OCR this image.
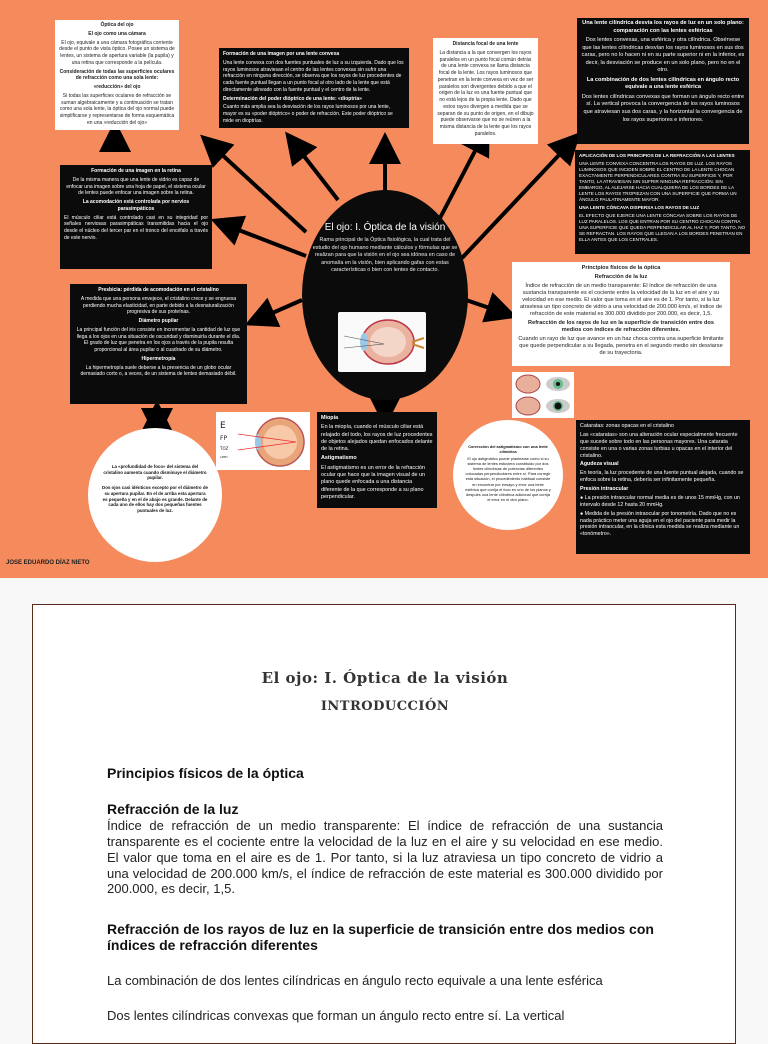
Óptica del ojo

El ojo como una cámara

El ojo, equivale a una cámara fotográfica corriente desde el punto de vista óptico. Posee un sistema de lentes, un sistema de apertura variable (la pupila) y una retina que corresponde a la película.

Consideración de todas las superficies oculares de refracción como una sola lente:

«reducción» del ojo

Si todas las superficies oculares de refracción se suman algebraicamente y a continuación se tratan como una sola lente, la óptica del ojo normal puede simplificarse y representarse de forma esquemática en una «reducción del ojo»

Formación de una imagen por una lente convexa

Una lente convexa con dos fuentes puntuales de luz a su izquierda. Dado que los rayos luminosos atraviesan el centro de las lentes convexas sin sufrir una refracción en ninguna dirección, se observa que los rayos de luz procedentes de cada fuente puntual llegan a un punto focal al otro lado de la lente que está directamente alineado con la fuente puntual y el centro de la lente.

Determinación del poder dióptrico de una lente: «dioptría»

Cuanto más amplia sea la desviación de los rayos luminosos por una lente, mayor es su «poder dióptrico» o poder de refracción. Este poder dióptrico se mide en dioptrías.

Distancia focal de una lente

La distancia a la que convergen los rayos paralelos en un punto focal común detrás de una lente convexa se llama distancia focal de la lente. Los rayos luminosos que penetran en la lente convexa en vez de ser paralelos son divergentes debido a que el origen de la luz es una fuente puntual que no está lejos de la propia lente. Dado que estos rayos divergen a medida que se separan de su punto de origen, en el dibujo puede observarse que no se reúnen a la misma distancia de la lente que los rayos paralelos.

Una lente cilíndrica desvía los rayos de luz en un solo plano: comparación con las lentes esféricas

Dos lentes convexas, una esférica y otra cilíndrica. Obsérvese que las lentes cilíndricas desvían los rayos luminosos en sus dos caras, pero no lo hacen ni en su parte superior ni en la inferior, es decir, la desviación se produce en un solo plano, pero no en el otro.

La combinación de dos lentes cilíndricas en ángulo recto equivale a una lente esférica

Dos lentes cilíndricas convexas que forman un ángulo recto entre sí. La vertical provoca la convergencia de los rayos luminosos que atraviesan sus dos caras, y la horizontal la convergencia de los rayos superiores e inferiores.

APLICACIÓN DE LOS PRINCIPIOS DE LA REFRACCIÓN A LAS LENTES

UNA LENTE CONVEXA CONCENTRA LOS RAYOS DE LUZ. LOS RAYOS LUMINOSOS QUE INCIDEN SOBRE EL CENTRO DE LA LENTE CHOCAN EXACTAMENTE PERPENDICULARES CONTRA SU SUPERFICIE Y, POR TANTO, LA ATRAVIESAN SIN SUFRIR NINGUNA REFRACCIÓN. SIN EMBARGO, AL ALEJARSE HACIA CUALQUIERA DE LOS BORDES DE LA LENTE LOS RAYOS TROPIEZAN CON UNA SUPERFICIE QUE FORMA UN ÁNGULO PAULATINAMENTE MAYOR.

UNA LENTE CÓNCAVA DISPERSA LOS RAYOS DE LUZ

EL EFECTO QUE EJERCE UNA LENTE CÓNCAVA SOBRE LOS RAYOS DE LUZ PARALELOS. LOS QUE ENTRAN POR SU CENTRO CHOCAN CONTRA UNA SUPERFICIE QUE QUEDA PERPENDICULAR AL HAZ Y, POR TANTO, NO SE REFRACTAN. LOS RAYOS QUE LLEGAN A LOS BORDES PENETRAN EN ELLA ANTES QUE LOS CENTRALES.

Formación de una imagen en la retina

De la misma manera que una lente de vidrio es capaz de enfocar una imagen sobre una hoja de papel, el sistema ocular de lentes puede enfocar una imagen sobre la retina.

La acomodación está controlada por nervios parasimpáticos

El músculo ciliar está controlado casi en su integridad por señales nerviosas parasimpáticas transmitidas hacia el ojo desde el núcleo del tercer par en el tronco del encéfalo a través de este nervio.

El ojo: I. Óptica de la visión
Rama principal de la Óptica fisiológica, la cual trata del estudio del ojo humano mediante cálculos y fórmulas que se realizan para que la visión en el ojo sea idónea en caso de anomalía en la visión, bien aplicando gafas con estas características o bien con lentes de contacto.	Principios físicos de la óptica

Refracción de la luz

Índice de refracción de un medio transparente: El índice de refracción de una sustancia transparente es el cociente entre la velocidad de la luz en el aire y su velocidad en ese medio. El valor que toma en el aire es de 1. Por tanto, si la luz atraviesa un tipo concreto de vidrio a una velocidad de 200.000 km/s, el índice de refracción de este material es 300.000 dividido por 200.000, es decir, 1,5.

Refracción de los rayos de luz en la superficie de transición entre dos medios con índices de refracción diferentes.

Cuando un rayo de luz que avance en un haz choca contra una superficie limitante que quede perpendicular a su llegada, penetra en el segundo medio sin desviarse de su trayectoria.

Presbicia: pérdida de acomodación en el cristalino

A medida que una persona envejece, el cristalino crece y se engruesa perdiendo mucha elasticidad, en parte debido a la desnaturalización progresiva de sus proteínas.

Diámetro pupilar

La principal función del iris consiste en incrementar la cantidad de luz que llega a los ojos en una situación de oscuridad y disminuirla durante el día. El grado de luz que penetra en los ojos a través de la pupila resulta proporcional al área pupilar o al cuadrado de su diámetro.

Hipermetropía

La hipermetropía suele deberse a la presencia de un globo ocular demasiado corto o, a veces, de un sistema de lentes demasiado débil.

E
FP
TOZ
LPED

Miopía

En la miopía, cuando el músculo ciliar está relajado del todo, los rayos de luz procedentes de objetos alejados quedan enfocados delante de la retina.

Astigmatismo

El astigmatismo es un error de la refracción ocular que hace que la imagen visual de un plano quede enfocada a una distancia diferente de la que corresponde a su plano perpendicular.

La «profundidad de foco» del sistema del cristalino aumenta cuando disminuye el diámetro pupilar.

Dos ojos casi idénticos excepto por el diámetro de su apertura pupilar. En el de arriba esta apertura es pequeña y en el de abajo es grande. Delante de cada uno de ellos hay dos pequeñas fuentes puntuales de luz.

Corrección del astigmatismo con una lente cilíndrica

El ojo astigmático puede plantearse como si su sistema de lentes estuviera constituido por dos lentes cilíndricas de potencias diferentes colocadas perpendiculares entre sí. Para corregir esta situación, el procedimiento habitual consiste en encontrar por ensayo y error una lente esférica que corrija el foco en uno de los planos y después una lente cilíndrica adicional que corrija el error en el otro plano.

Cataratas: zonas opacas en el cristalino

Las «cataratas» son una alteración ocular especialmente frecuente que sucede sobre todo en las personas mayores. Una catarata consiste en una o varias zonas turbias u opacas en el interior del cristalino.

Agudeza visual

En teoría, la luz procedente de una fuente puntual alejada, cuando se enfoca sobre la retina, debería ser infinitamente pequeña.

Presión intraocular

● La presión intraocular normal media es de unos 15 mmHg, con un intervalo desde 12 hasta 20 mmHg.

● Medida de la presión intraocular por tonometría. Dado que no es nada práctico meter una aguja en el ojo del paciente para medir la presión intraocular, en la clínica esta medida se realiza mediante un «tonómetro».

JOSE EDUARDO DÍAZ NIETO
El ojo: I. Óptica de la visión
INTRODUCCIÓN
Principios físicos de la óptica
Refracción de la luz
Índice de refracción de un medio transparente: El índice de refracción de una sustancia transparente es el cociente entre la velocidad de la luz en el aire y su velocidad en ese medio. El valor que toma en el aire es de 1. Por tanto, si la luz atraviesa un tipo concreto de vidrio a una velocidad de 200.000 km/s, el índice de refracción de este material es 300.000 dividido por 200.000, es decir, 1,5.
Refracción de los rayos de luz en la superficie de transición entre dos medios con índices de refracción diferentes
La combinación de dos lentes cilíndricas en ángulo recto equivale a una lente esférica
Dos lentes cilíndricas convexas que forman un ángulo recto entre sí. La vertical
